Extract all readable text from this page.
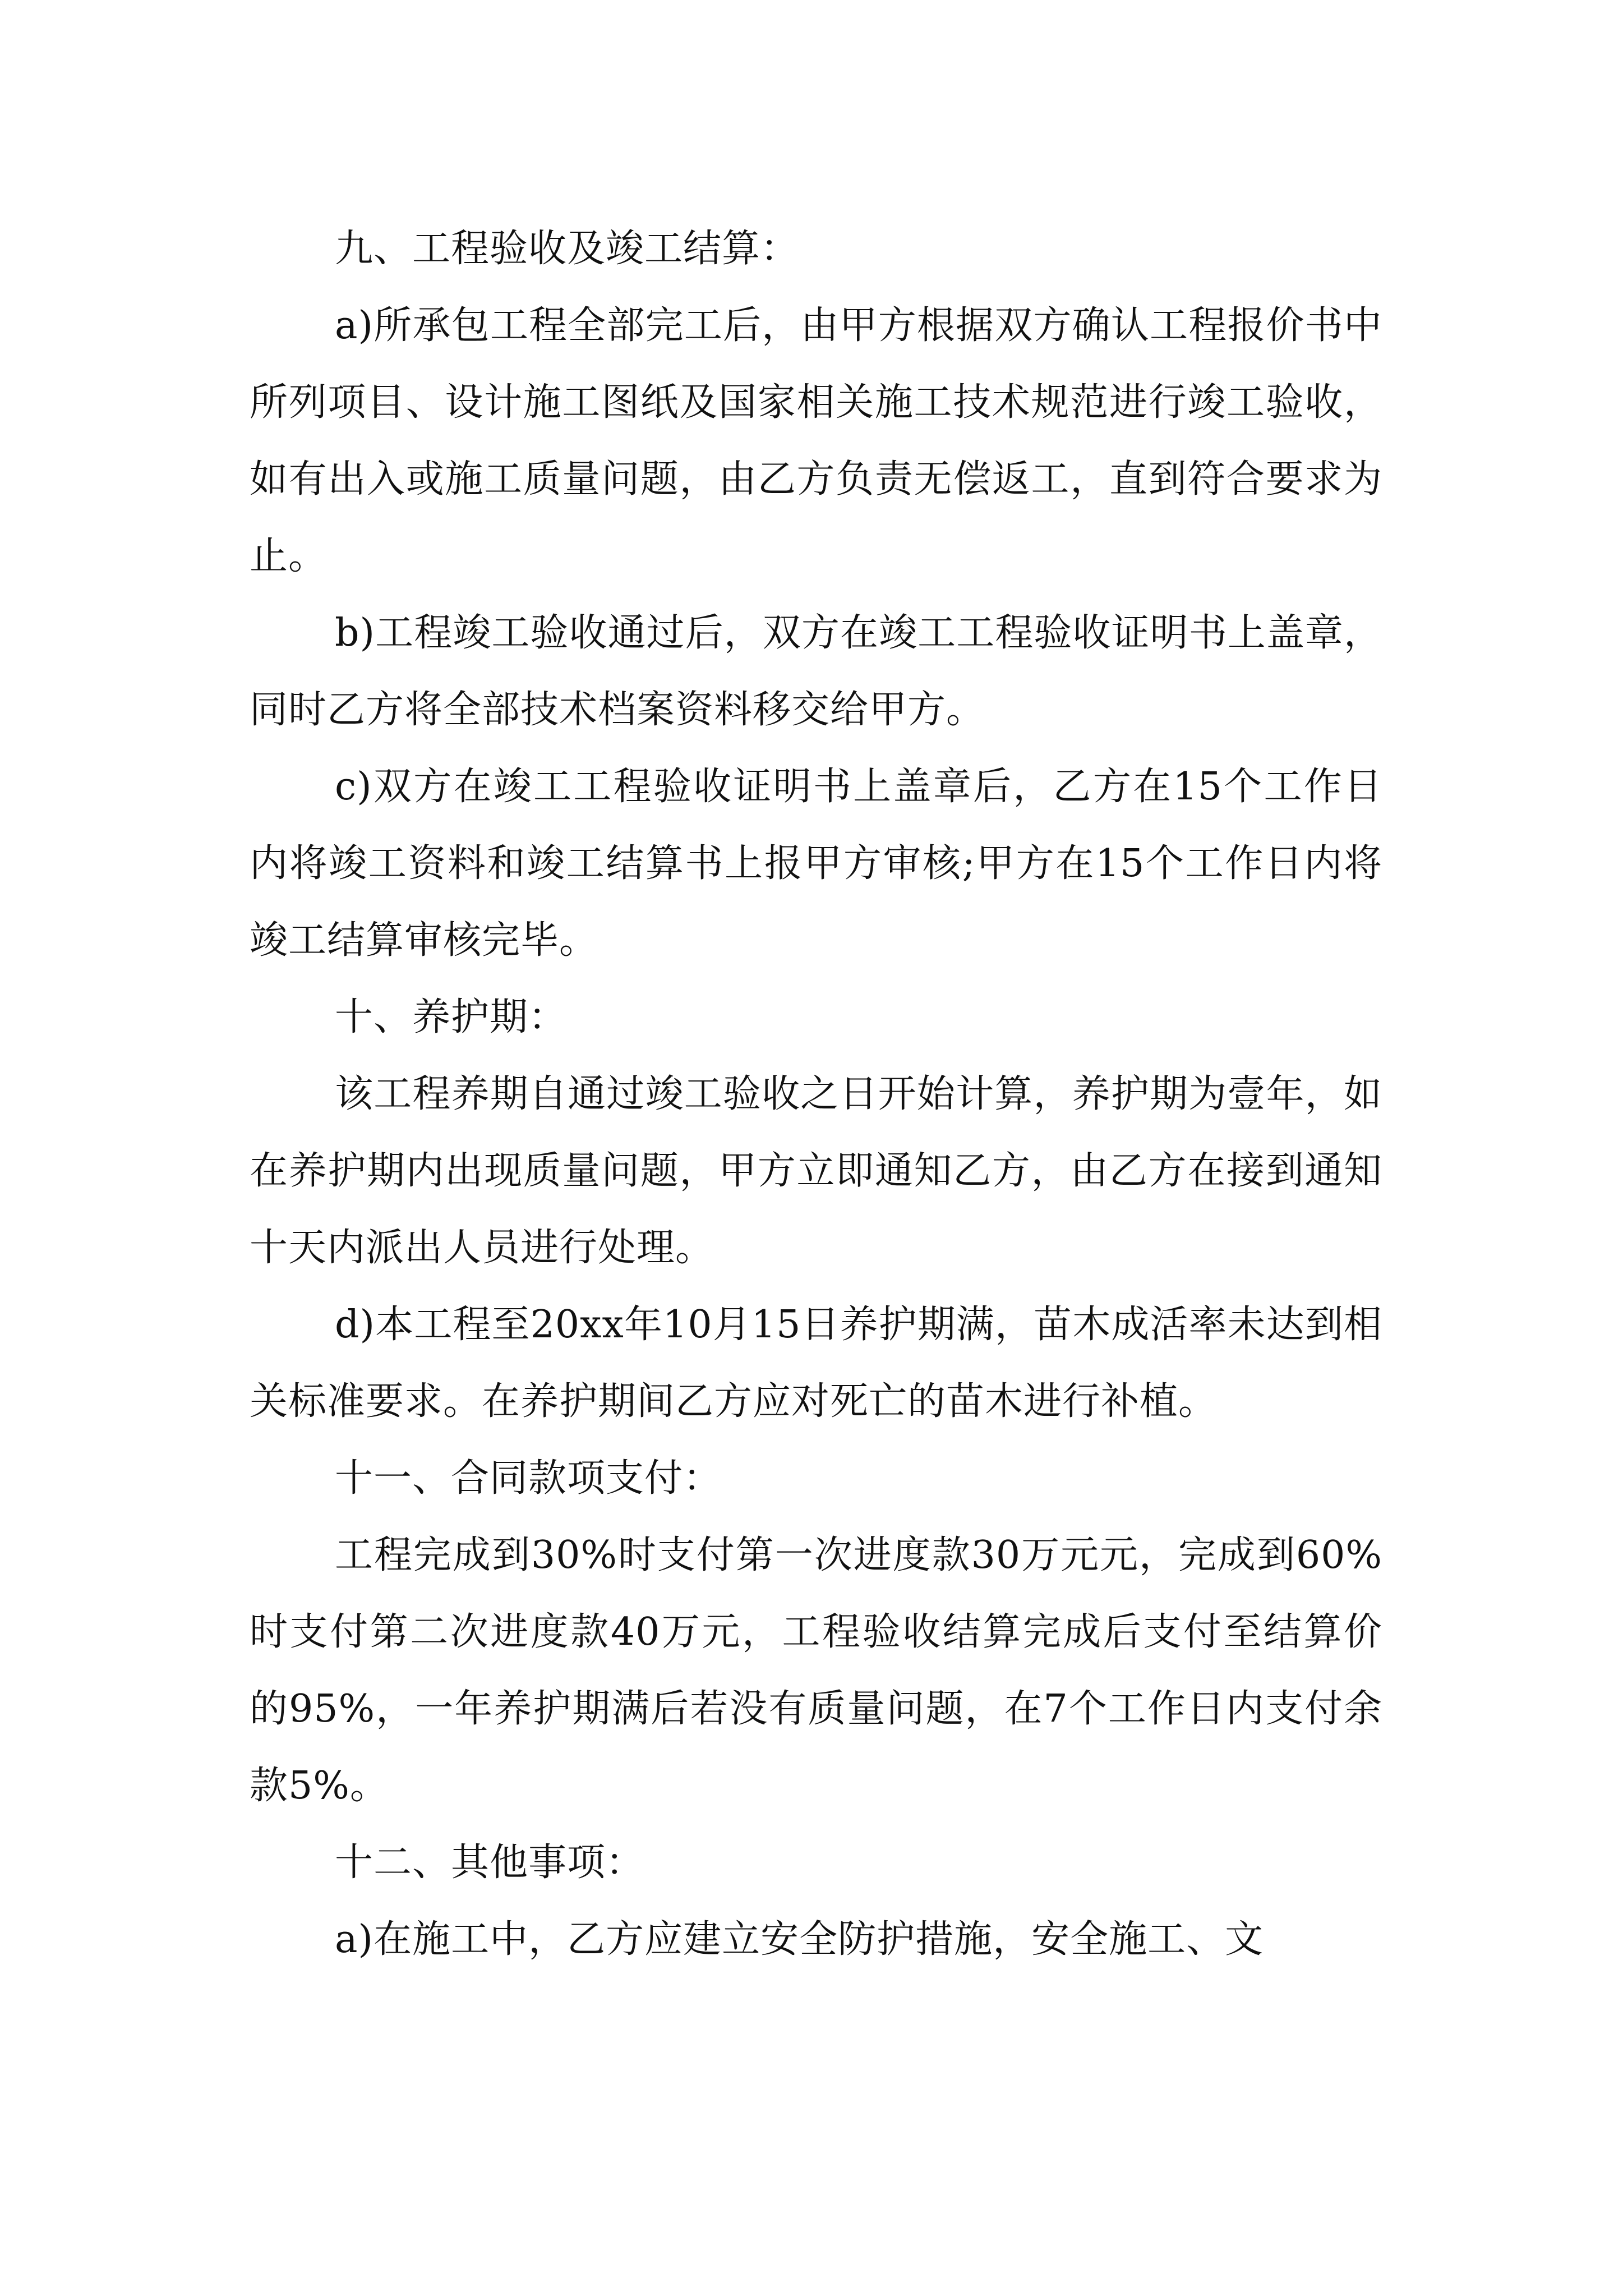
九、工程验收及竣工结算：

a)所承包工程全部完工后，由甲方根据双方确认工程报价书中所列项目、设计施工图纸及国家相关施工技术规范进行竣工验收，如有出入或施工质量问题，由乙方负责无偿返工，直到符合要求为止。

b)工程竣工验收通过后，双方在竣工工程验收证明书上盖章，同时乙方将全部技术档案资料移交给甲方。

c)双方在竣工工程验收证明书上盖章后，乙方在15个工作日内将竣工资料和竣工结算书上报甲方审核;甲方在15个工作日内将竣工结算审核完毕。

十、养护期：

该工程养期自通过竣工验收之日开始计算，养护期为壹年，如在养护期内出现质量问题，甲方立即通知乙方，由乙方在接到通知十天内派出人员进行处理。

d)本工程至20xx年10月15日养护期满，苗木成活率未达到相关标准要求。在养护期间乙方应对死亡的苗木进行补植。

十一、合同款项支付：

工程完成到30%时支付第一次进度款30万元元，完成到60%时支付第二次进度款40万元，工程验收结算完成后支付至结算价的95%，一年养护期满后若没有质量问题，在7个工作日内支付余款5%。

十二、其他事项：

a)在施工中，乙方应建立安全防护措施，安全施工、文
